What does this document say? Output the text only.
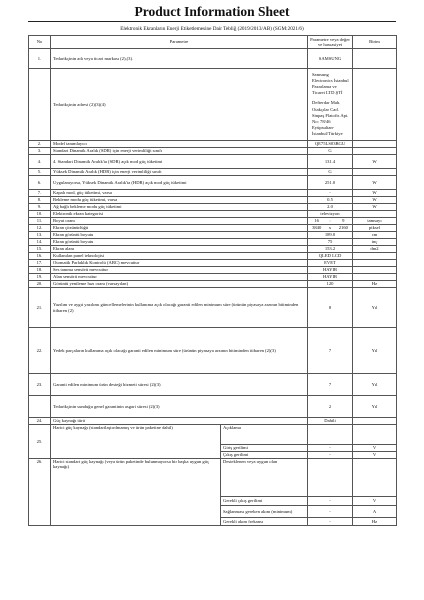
Product Information Sheet
Elektronik Ekranların Enerji Etiketlemesine Dair Tebliğ (2019/2013/AB) (SGM:2021/6)
No	Parametre		Parametre veya değer ve hassasiyet	Birim
1.	Tedarikçinin adı veya ticari markası (2),(3).		SAMSUNG	
	Tedarikçinin adresi (2)(3)(4)		Samsung Electronics İstanbul
Pazarlama ve Ticaret LTD.ŞTİ
Defterdar Mah. Otakçılar Cad.
Sinpaş Flatofis Apt. No: 78/46
Eyüpsultan-İstanbul/Türkiye	

2.	Model tanımlayıcı		QE75LS03BGU	
3.	Standart Dinamik Aralık (SDR) için enerji verimliliği sınıfı		G	
4.	4. Standart Dinamik Aralık'ta (SDR) açık mod güç tüketimi		131.4	W
5.	Yüksek Dinamik Aralık (HDR) için enerji verimliliği sınıfı		G	
6.	Uygulanıyorsa, Yüksek Dinamik Aralık'ta (HDR) açık mod güç tüketimi		251.0	W
7.	Kapalı mod, güç tüketimi, varsa		-	W
8.	Bekleme modu güç tüketimi, varsa		0.5	W
9.	Ağ bağlı bekleme modu güç tüketimi		2.0	W
10.	Elektronik ekran kategorisi		televizyon	
11.	Boyut oranı		16 : 9	tamsayı
12.	Ekran çözünürlüğü		3840 x 2160	piksel
13.	Ekran görüntü boyutu		189.0	cm
14.	Ekran görüntü boyutu		75	inç
15.	Ekran alanı		153.2	dm2
16.	Kullanılan panel teknolojisi		QLED LCD	
17.	Otomatik Parlaklık Kontrolü (ABC) mevcuttur		EVET	
18.	Ses tanıma sensörü mevcuttur		HAYIR	
19.	Alan sensörü mevcuttur		HAYIR	
20.	Görüntü yenileme hızı oranı (varsayılan)		120	Hz
21.	Yazılım ve aygıt yazılımı güncellemelerinin kullanıma açık olacağı garanti edilen minimum süre (ürünün piyasaya arzının bitiminden itibaren (2)		8	Yıl
22.	Yedek parçaların kullanıma açık olacağı garanti edilen minimum süre (ürünün piyasaya arzının bitiminden itibaren (2)(3)		7	Yıl
23.	Garanti edilen minimum ürün desteği hizmeti süresi (2)(3)		7	Yıl
	Tedarikçinin sunduğu genel garantinin asgari süresi (2)(3)		2	Yıl
24.	Güç kaynağı türü		Dahili	
25.	Harici güç kaynağı (standartlaştırılmamış ve ürün paketine dahil)	Açıklama		
		Giriş gerilimi	-	V
		Çıkış gerilimi	-	V
26.	Harici standart güç kaynağı (veya ürün paketinde bulunmayorsa bir başka uygun güç kaynağı)	Desteklenen veya uygun olan		
		Gerekli çıkış gerilimi	-	V
		Sağlanması gereken akım (minimum)	-	A
		Gerekli akım frekansı	-	Hz
